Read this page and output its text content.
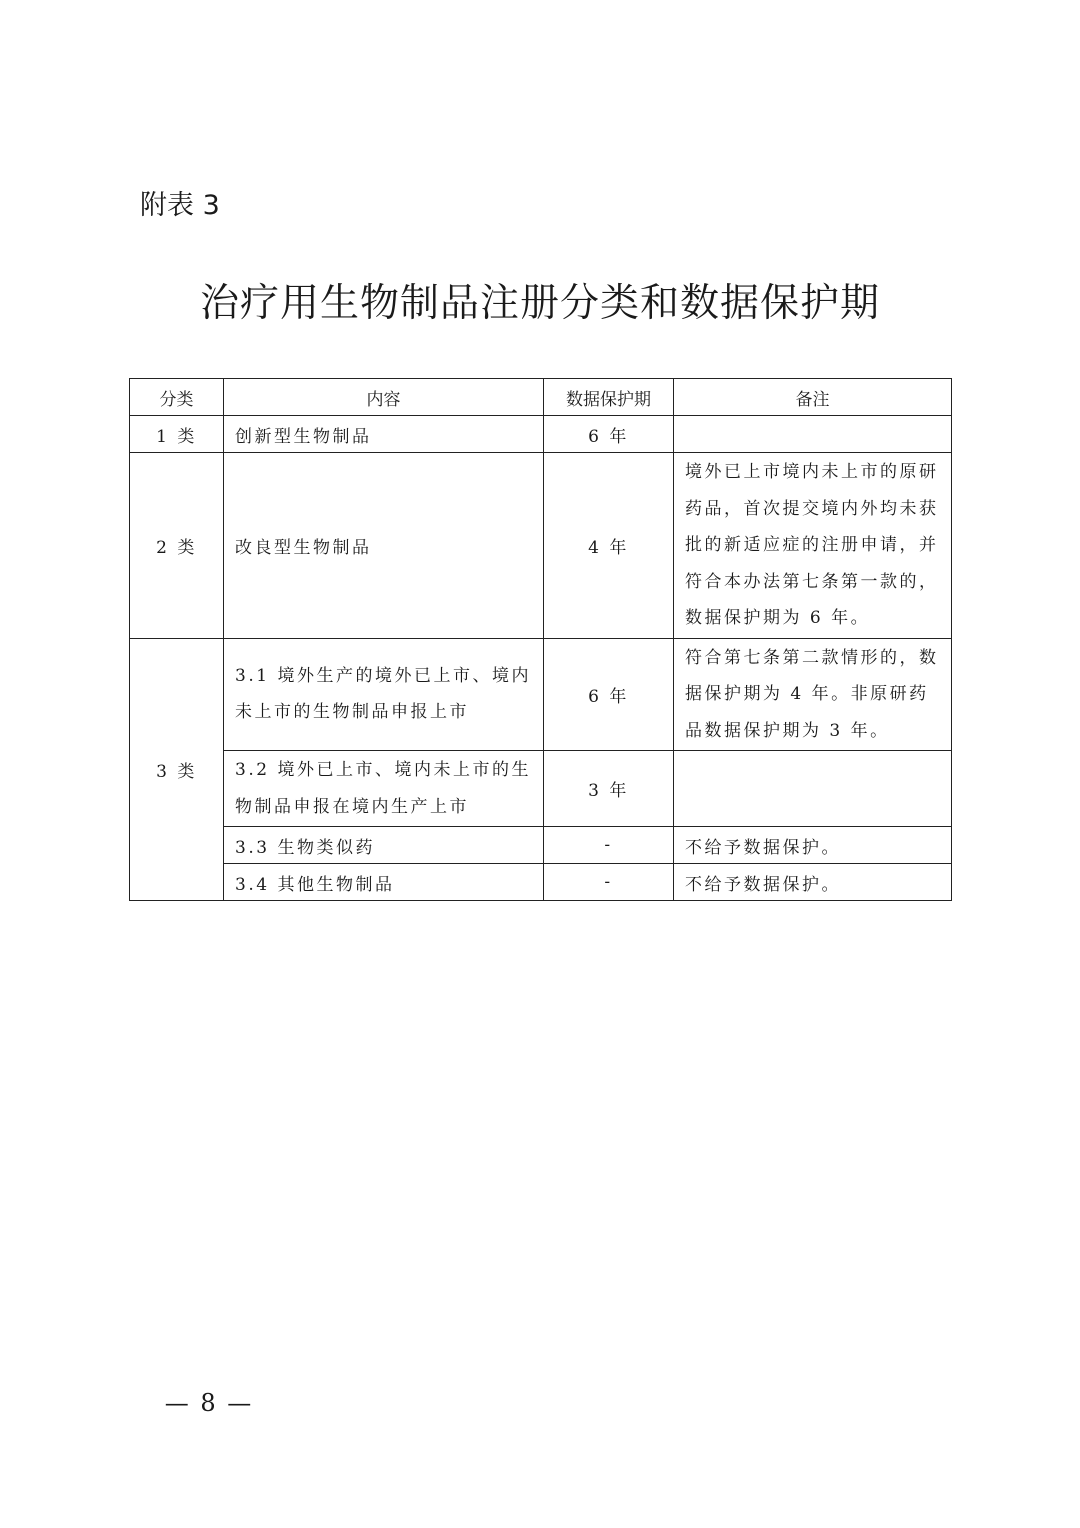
附表 3
治疗用生物制品注册分类和数据保护期
分类	内容	数据保护期	备注
1 类	创新型生物制品	6 年	
2 类	改良型生物制品	4 年	境外已上市境内未上市的原研药品，首次提交境内外均未获批的新适应症的注册申请，并符合本办法第七条第一款的，数据保护期为 6 年。
3 类	3.1 境外生产的境外已上市、境内未上市的生物制品申报上市	6 年	符合第七条第二款情形的，数据保护期为 4 年。非原研药品数据保护期为 3 年。
	3.2 境外已上市、境内未上市的生物制品申报在境内生产上市	3 年	
	3.3 生物类似药	-	不给予数据保护。
	3.4 其他生物制品	-	不给予数据保护。
— 8 —
